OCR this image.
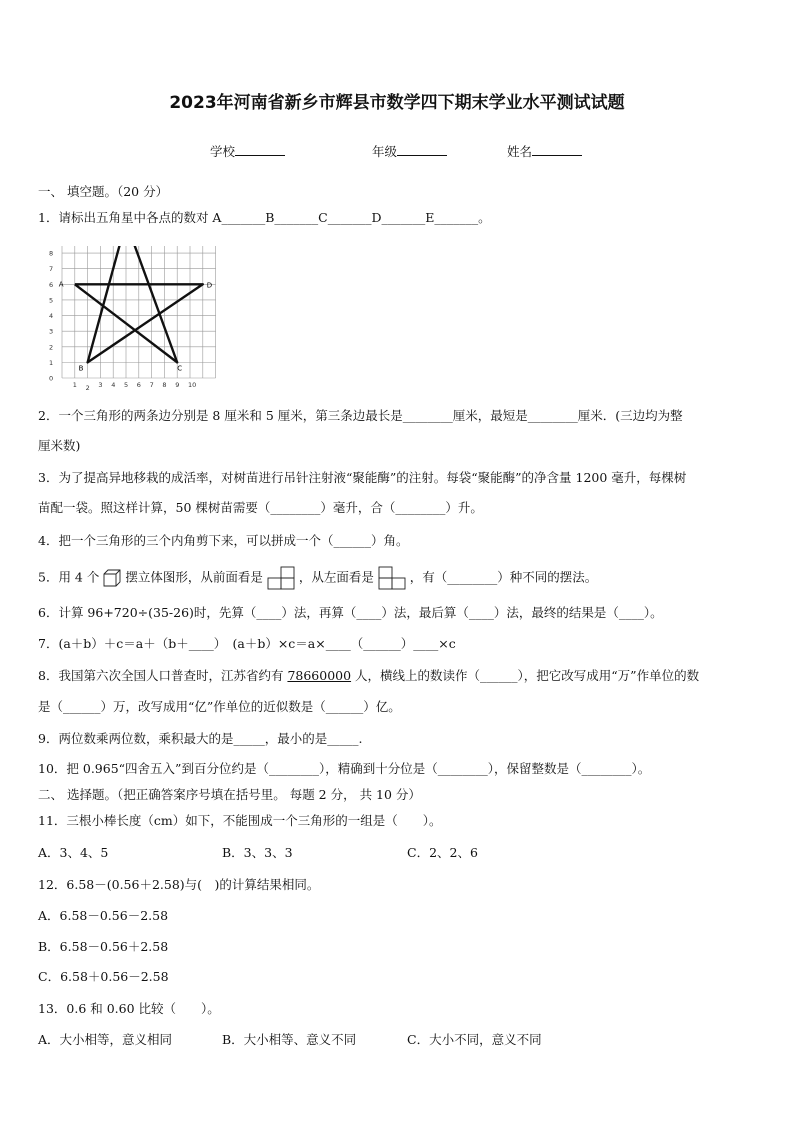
2023年河南省新乡市辉县市数学四下期末学业水平测试试题
学校	年级	姓名
一、 填空题。（20 分）
1．请标出五角星中各点的数对 A_______B_______C_______D_______E_______。
8
7
6
5
4
3
2
1
0
1 2 3 4 5 6 7 8 9 10
A
B	C
D
2．一个三角形的两条边分别是 8 厘米和 5 厘米，第三条边最长是________厘米，最短是________厘米．(三边均为整
厘米数)
3．为了提高异地移栽的成活率，对树苗进行吊针注射液“聚能酶”的注射。每袋“聚能酶”的净含量 1200 毫升，每棵树
苗配一袋。照这样计算，50 棵树苗需要（________）毫升，合（________）升。
4．把一个三角形的三个内角剪下来，可以拼成一个（______）角。
5．用 4 个 摆立体图形，从前面看是	，从左面看是	，有（________）种不同的摆法。
6．计算 96+720÷(35-26)时，先算（____）法，再算（____）法，最后算（____）法，最终的结果是（____）。
7．(a＋b）＋c＝a＋（b＋____）　(a＋b）×c＝a×____（______）____×c
8．我国第六次全国人口普查时，江苏省约有 78660000 人，横线上的数读作（______），把它改写成用“万”作单位的数
是（______）万，改写成用“亿”作单位的近似数是（______）亿。
9．两位数乘两位数，乘积最大的是_____，最小的是_____.
10．把 0.965“四舍五入”到百分位约是（________），精确到十分位是（________），保留整数是（________）。
二、 选择题。（把正确答案序号填在括号里。 每题 2 分， 共 10 分）
11．三根小棒长度（cm）如下，不能围成一个三角形的一组是（　　）。
A．3、4、5	B．3、3、3	C．2、2、6
12．6.58－(0.56＋2.58)与(　)的计算结果相同。
A．6.58－0.56－2.58
B．6.58－0.56＋2.58
C．6.58＋0.56－2.58
13．0.6 和 0.60 比较（　　）。
A．大小相等，意义相同	B．大小相等、意义不同	C．大小不同，意义不同
